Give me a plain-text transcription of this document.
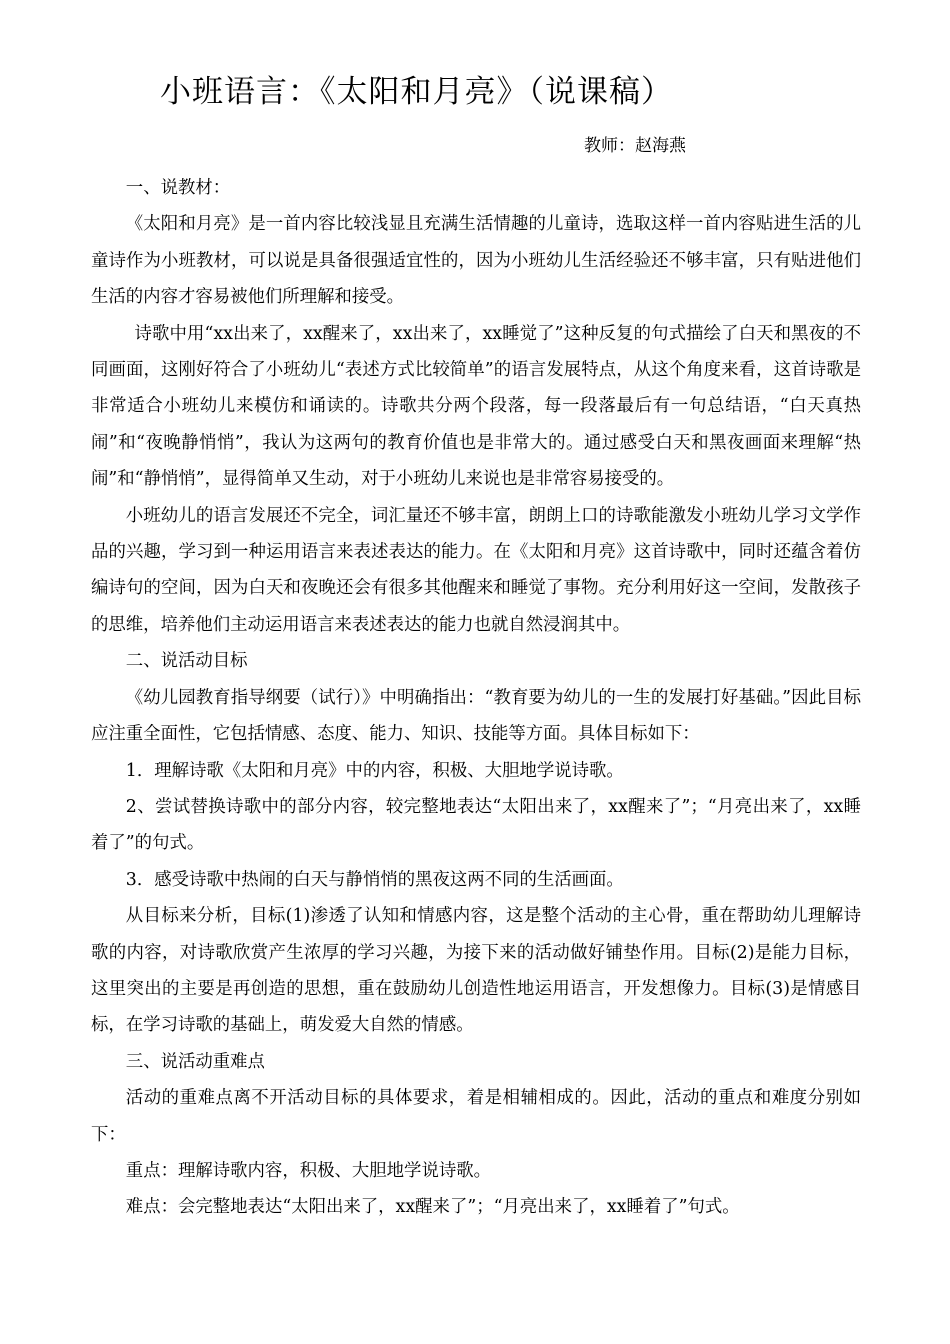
小班语言：《太阳和月亮》（说课稿）
教师：赵海燕

一、说教材：

《太阳和月亮》是一首内容比较浅显且充满生活情趣的儿童诗，选取这样一首内容贴进生活的儿童诗作为小班教材，可以说是具备很强适宜性的，因为小班幼儿生活经验还不够丰富，只有贴进他们生活的内容才容易被他们所理解和接受。

诗歌中用“xx出来了，xx醒来了，xx出来了，xx睡觉了”这种反复的句式描绘了白天和黑夜的不同画面，这刚好符合了小班幼儿“表述方式比较简单”的语言发展特点，从这个角度来看，这首诗歌是非常适合小班幼儿来模仿和诵读的。诗歌共分两个段落，每一段落最后有一句总结语，“白天真热闹”和“夜晚静悄悄”，我认为这两句的教育价值也是非常大的。通过感受白天和黑夜画面来理解“热闹”和“静悄悄”，显得简单又生动，对于小班幼儿来说也是非常容易接受的。

小班幼儿的语言发展还不完全，词汇量还不够丰富，朗朗上口的诗歌能激发小班幼儿学习文学作品的兴趣，学习到一种运用语言来表述表达的能力。在《太阳和月亮》这首诗歌中，同时还蕴含着仿编诗句的空间，因为白天和夜晚还会有很多其他醒来和睡觉了事物。充分利用好这一空间，发散孩子的思维，培养他们主动运用语言来表述表达的能力也就自然浸润其中。

二、说活动目标

《幼儿园教育指导纲要（试行）》中明确指出：“教育要为幼儿的一生的发展打好基础。”因此目标应注重全面性，它包括情感、态度、能力、知识、技能等方面。具体目标如下：

1．理解诗歌《太阳和月亮》中的内容，积极、大胆地学说诗歌。

2、尝试替换诗歌中的部分内容，较完整地表达“太阳出来了，xx醒来了”；“月亮出来了，xx睡着了”的句式。

3．感受诗歌中热闹的白天与静悄悄的黑夜这两不同的生活画面。

从目标来分析，目标(1)渗透了认知和情感内容，这是整个活动的主心骨，重在帮助幼儿理解诗歌的内容，对诗歌欣赏产生浓厚的学习兴趣，为接下来的活动做好铺垫作用。目标(2)是能力目标，这里突出的主要是再创造的思想，重在鼓励幼儿创造性地运用语言，开发想像力。目标(3)是情感目标，在学习诗歌的基础上，萌发爱大自然的情感。

三、说活动重难点

活动的重难点离不开活动目标的具体要求，着是相辅相成的。因此，活动的重点和难度分别如下：

重点：理解诗歌内容，积极、大胆地学说诗歌。

难点：会完整地表达“太阳出来了，xx醒来了”；“月亮出来了，xx睡着了”句式。
